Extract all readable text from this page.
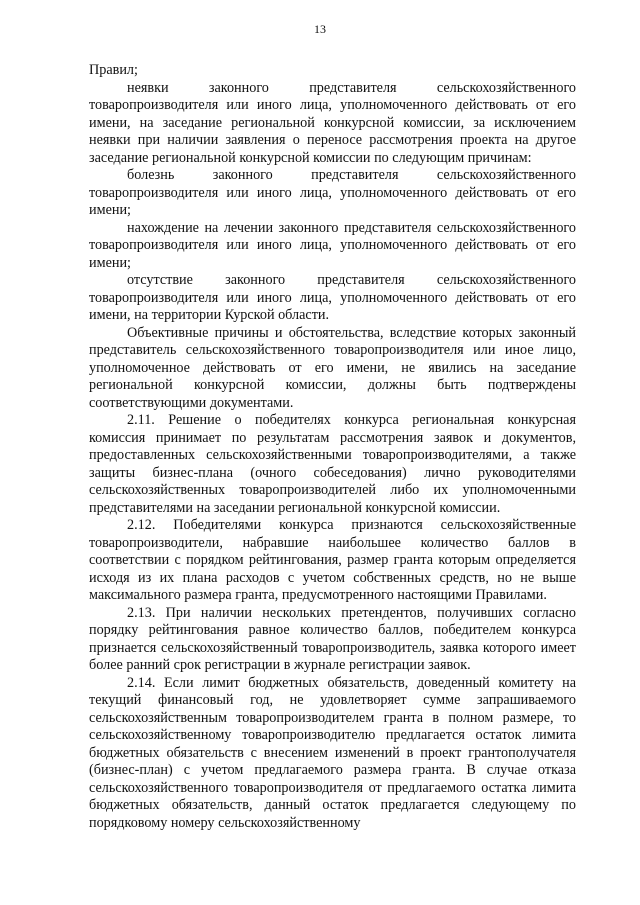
13

Правил;

неявки законного представителя сельскохозяйственного товаропроизводителя или иного лица, уполномоченного действовать от его имени, на заседание региональной конкурсной комиссии, за исключением неявки при наличии заявления о переносе рассмотрения проекта на другое заседание региональной конкурсной комиссии по следующим причинам:

болезнь законного представителя сельскохозяйственного товаропроизводителя или иного лица, уполномоченного действовать от его имени;

нахождение на лечении законного представителя сельскохозяйственного товаропроизводителя или иного лица, уполномоченного действовать от его имени;

отсутствие законного представителя сельскохозяйственного товаропроизводителя или иного лица, уполномоченного действовать от его имени, на территории Курской области.

Объективные причины и обстоятельства, вследствие которых законный представитель сельскохозяйственного товаропроизводителя или иное лицо, уполномоченное действовать от его имени, не явились на заседание региональной конкурсной комиссии, должны быть подтверждены соответствующими документами.

2.11. Решение о победителях конкурса региональная конкурсная комиссия принимает по результатам рассмотрения заявок и документов, предоставленных сельскохозяйственными товаропроизводителями, а также защиты бизнес-плана (очного собеседования) лично руководителями сельскохозяйственных товаропроизводителей либо их уполномоченными представителями на заседании региональной конкурсной комиссии.

2.12. Победителями конкурса признаются сельскохозяйственные товаропроизводители, набравшие наибольшее количество баллов в соответствии с порядком рейтингования, размер гранта которым определяется исходя из их плана расходов с учетом собственных средств, но не выше максимального размера гранта, предусмотренного настоящими Правилами.

2.13. При наличии нескольких претендентов, получивших согласно порядку рейтингования равное количество баллов, победителем конкурса признается сельскохозяйственный товаропроизводитель, заявка которого имеет более ранний срок регистрации в журнале регистрации заявок.

2.14. Если лимит бюджетных обязательств, доведенный комитету на текущий финансовый год, не удовлетворяет сумме запрашиваемого сельскохозяйственным товаропроизводителем гранта в полном размере, то сельскохозяйственному товаропроизводителю предлагается остаток лимита бюджетных обязательств с внесением изменений в проект грантополучателя (бизнес-план) с учетом предлагаемого размера гранта. В случае отказа сельскохозяйственного товаропроизводителя от предлагаемого остатка лимита бюджетных обязательств, данный остаток предлагается следующему по порядковому номеру сельскохозяйственному
